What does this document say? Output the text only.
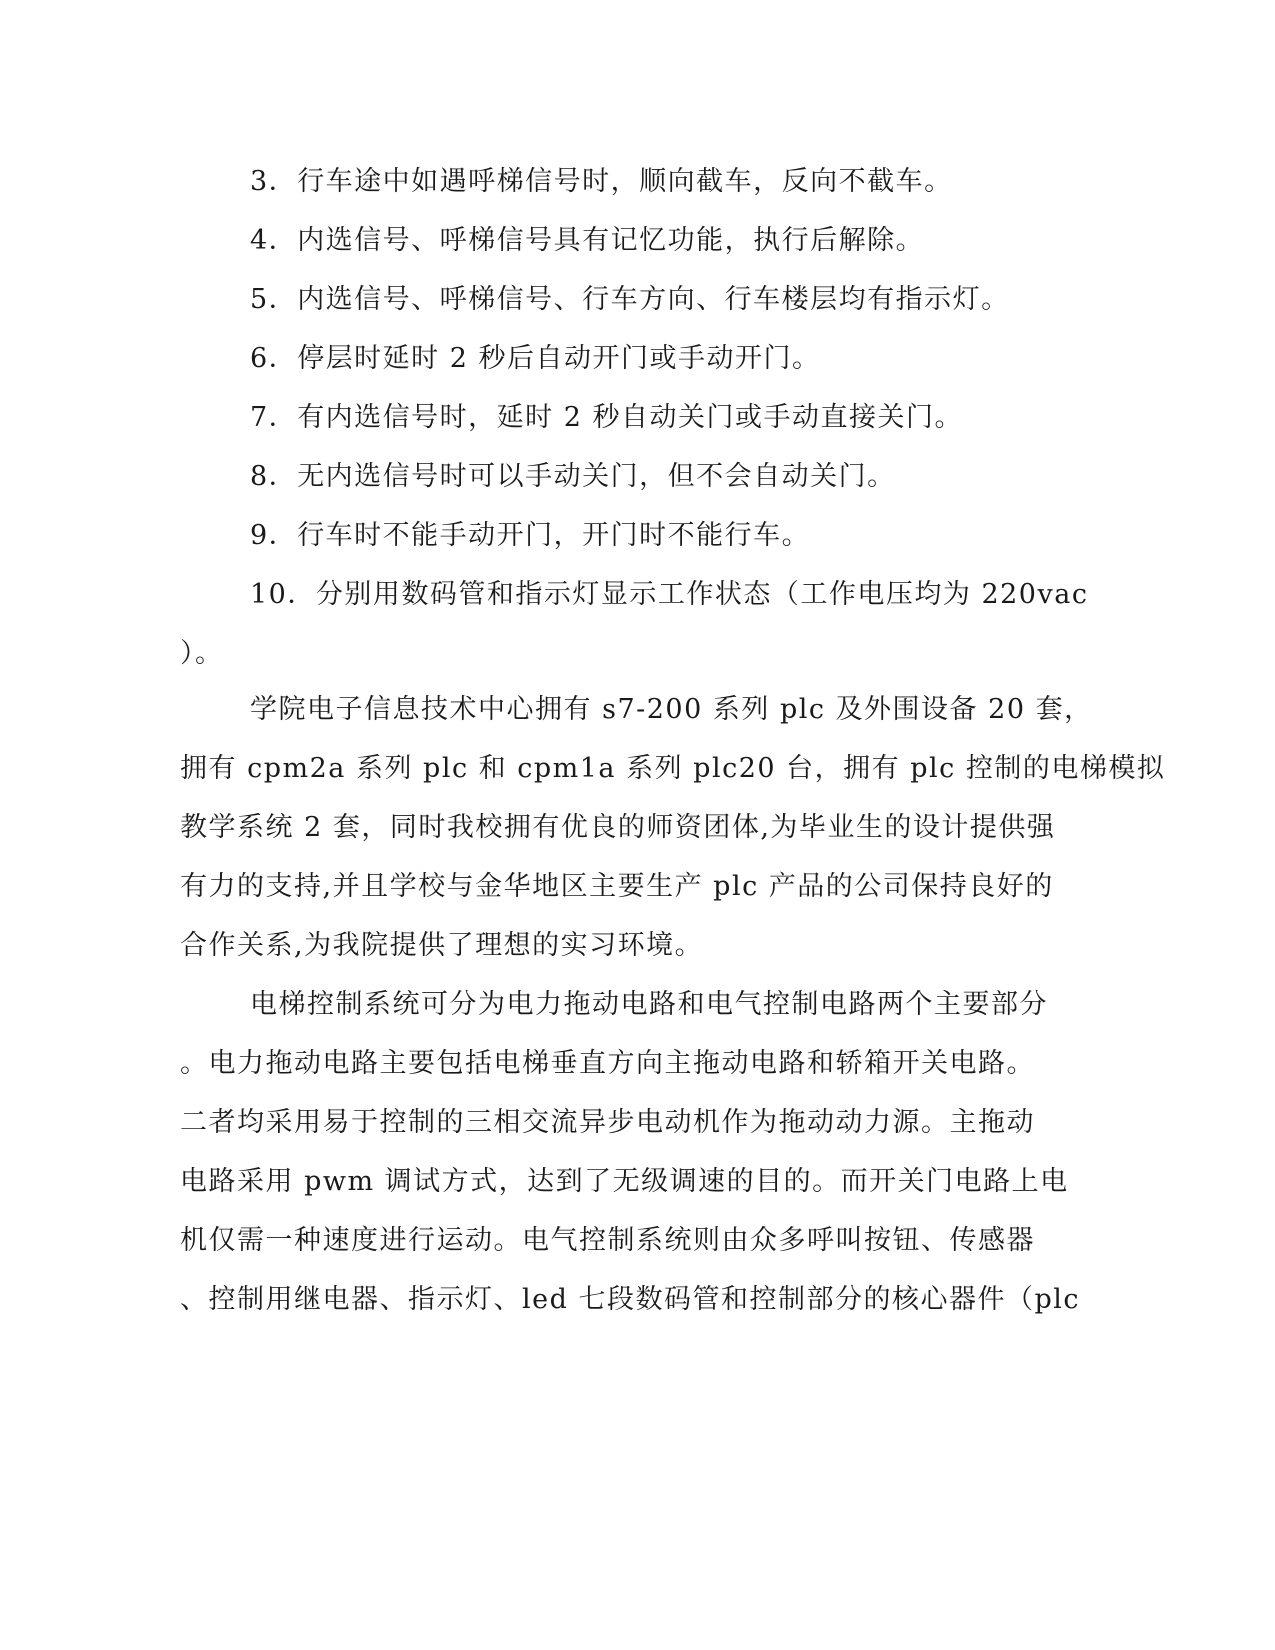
3．行车途中如遇呼梯信号时，顺向截车，反向不截车。
4．内选信号、呼梯信号具有记忆功能，执行后解除。
5．内选信号、呼梯信号、行车方向、行车楼层均有指示灯。
6．停层时延时 2 秒后自动开门或手动开门。
7．有内选信号时，延时 2 秒自动关门或手动直接关门。
8．无内选信号时可以手动关门，但不会自动关门。
9．行车时不能手动开门，开门时不能行车。
10．分别用数码管和指示灯显示工作状态（工作电压均为 220vac
）。
学院电子信息技术中心拥有 s7-200 系列 plc 及外围设备 20 套，
拥有 cpm2a 系列 plc 和 cpm1a 系列 plc20 台，拥有 plc 控制的电梯模拟
教学系统 2 套，同时我校拥有优良的师资团体,为毕业生的设计提供强
有力的支持,并且学校与金华地区主要生产 plc 产品的公司保持良好的
合作关系,为我院提供了理想的实习环境。
电梯控制系统可分为电力拖动电路和电气控制电路两个主要部分
。电力拖动电路主要包括电梯垂直方向主拖动电路和轿箱开关电路。
二者均采用易于控制的三相交流异步电动机作为拖动动力源。主拖动
电路采用 pwm 调试方式，达到了无级调速的目的。而开关门电路上电
机仅需一种速度进行运动。电气控制系统则由众多呼叫按钮、传感器
、控制用继电器、指示灯、led 七段数码管和控制部分的核心器件（plc
